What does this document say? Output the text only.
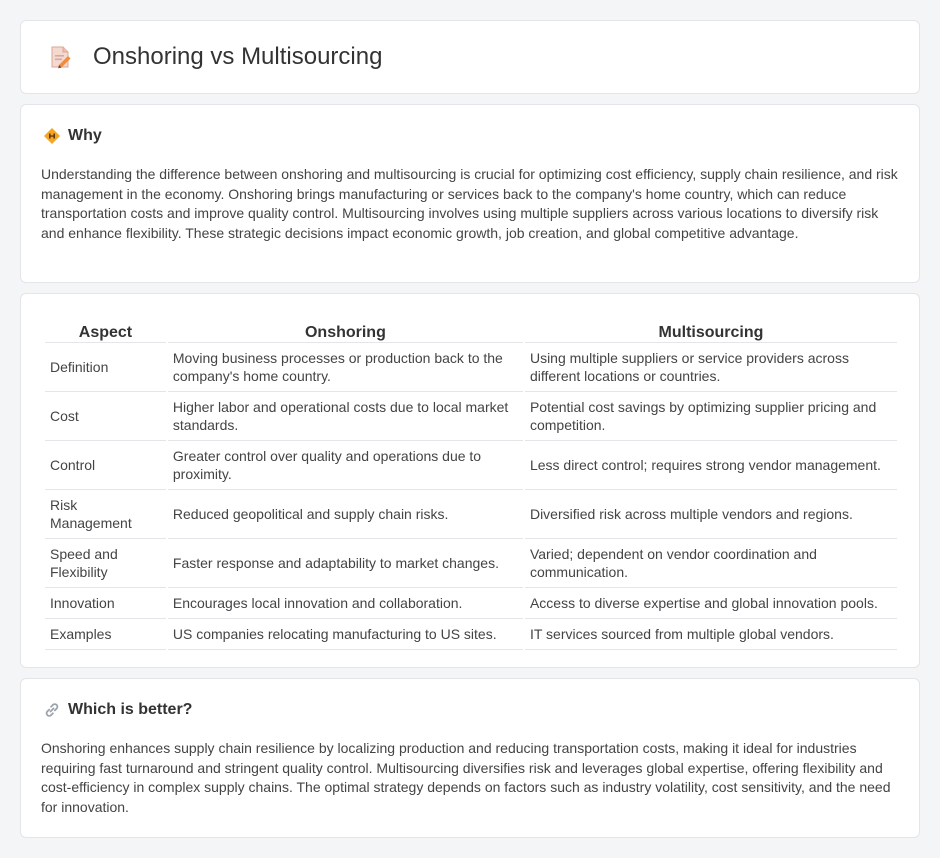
Onshoring vs Multisourcing
Why

Understanding the difference between onshoring and multisourcing is crucial for optimizing cost efficiency, supply chain resilience, and risk management in the economy. Onshoring brings manufacturing or services back to the company's home country, which can reduce transportation costs and improve quality control. Multisourcing involves using multiple suppliers across various locations to diversify risk and enhance flexibility. These strategic decisions impact economic growth, job creation, and global competitive advantage.

Aspect	Onshoring	Multisourcing
Definition	Moving business processes or production back to the company's home country.	Using multiple suppliers or service providers across different locations or countries.
Cost	Higher labor and operational costs due to local market standards.	Potential cost savings by optimizing supplier pricing and competition.
Control	Greater control over quality and operations due to proximity.	Less direct control; requires strong vendor management.
Risk Management	Reduced geopolitical and supply chain risks.	Diversified risk across multiple vendors and regions.
Speed and Flexibility	Faster response and adaptability to market changes.	Varied; dependent on vendor coordination and communication.
Innovation	Encourages local innovation and collaboration.	Access to diverse expertise and global innovation pools.
Examples	US companies relocating manufacturing to US sites.	IT services sourced from multiple global vendors.
Which is better?

Onshoring enhances supply chain resilience by localizing production and reducing transportation costs, making it ideal for industries requiring fast turnaround and stringent quality control. Multisourcing diversifies risk and leverages global expertise, offering flexibility and cost-efficiency in complex supply chains. The optimal strategy depends on factors such as industry volatility, cost sensitivity, and the need for innovation.
